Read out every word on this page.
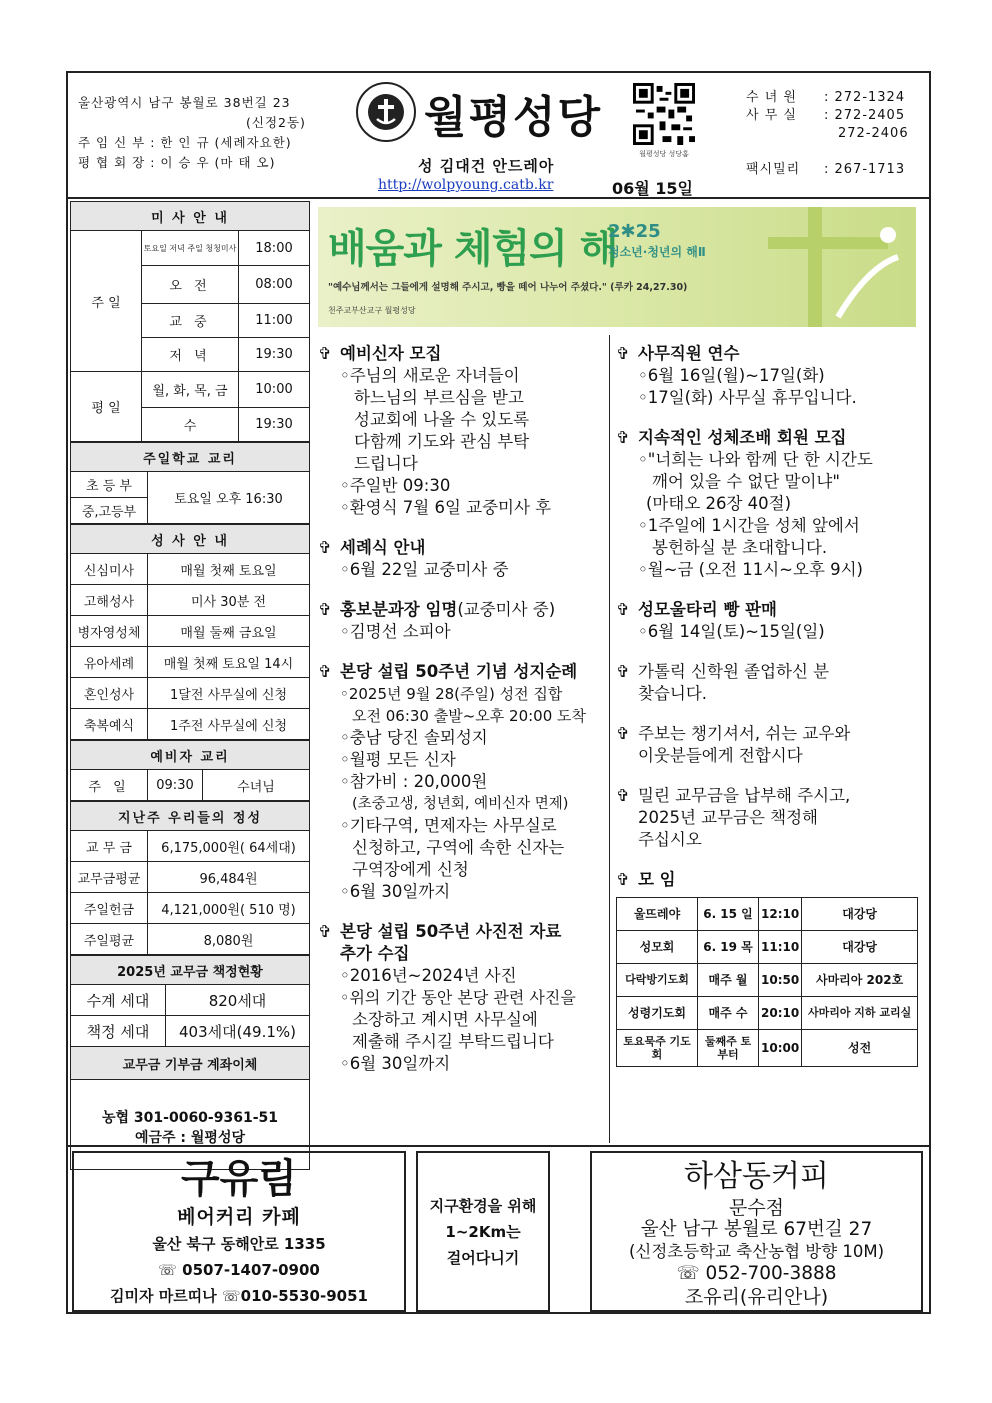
울산광역시 남구 봉월로 38번길 23
(신정2동)
주 임 신 부 : 한 인 규 (세례자요한)
평 협 회 장 : 이 승 우 (마 태 오)
월평성당
월평성당 성당홈
성 김대건 안드레아
http://wolpyoung.catb.kr	06월 15일
수 녀 원	: 272-1324
사 무 실	: 272-2405
272-2406
팩시밀리	: 267-1713
미 사 안 내		
주 일	토요일 저녁 주일 청청미사	18:00
	오 전	08:00
	교 중	11:00
	저 녁	19:30
평 일	월, 화, 목, 금	10:00
	수	19:30
주일학교 교리
초 등 부	토요일 오후 16:30
중,고등부
성 사 안 내	
신심미사	매월 첫째 토요일
고해성사	미사 30분 전
병자영성체	매월 둘째 금요일
유아세례	매월 첫째 토요일 14시
혼인성사	1달전 사무실에 신청
축복예식	1주전 사무실에 신청
예비자 교리
주 일	09:30	수녀님
지난주 우리들의 정성	
교 무 금	6,175,000원( 64세대)
교무금평균	96,484원
주일헌금	4,121,000원( 510 명)
주일평균	8,080원
2025년 교무금 책정현황	
수계 세대	820세대
책정 세대	403세대(49.1%)
교무금 기부금 계좌이체	
농협 301-0060-9361-51
예금주 : 월평성당
배움과 체험의 해
2✱25
청소년·청년의 해Ⅱ
"예수님께서는 그들에게 설명해 주시고, 빵을 떼어 나누어 주셨다." (루카 24,27.30)
천주교부산교구 월평성당
✞ 예비신자 모집
◦주님의 새로운 자녀들이
하느님의 부르심을 받고
성교회에 나올 수 있도록
다함께 기도와 관심 부탁
드립니다
◦주일반 09:30
◦환영식 7월 6일 교중미사 후
✞ 세례식 안내
◦6월 22일 교중미사 중
✞ 홍보분과장 임명(교중미사 중)
◦김명선 소피아
✞ 본당 설립 50주년 기념 성지순례
◦2025년 9월 28(주일) 성전 집합
오전 06:30 출발~오후 20:00 도착
◦충남 당진 솔뫼성지
◦월평 모든 신자
◦참가비 : 20,000원
(초중고생, 청년회, 예비신자 면제)
◦기타구역, 면제자는 사무실로
신청하고, 구역에 속한 신자는
구역장에게 신청
◦6월 30일까지
✞ 본당 설립 50주년 사진전 자료
추가 수집
◦2016년~2024년 사진
◦위의 기간 동안 본당 관련 사진을
소장하고 계시면 사무실에
제출해 주시길 부탁드립니다
◦6월 30일까지
✞ 사무직원 연수
◦6월 16일(월)~17일(화)
◦17일(화) 사무실 휴무입니다.
✞ 지속적인 성체조배 회원 모집
◦"너희는 나와 함께 단 한 시간도
깨어 있을 수 없단 말이냐"
(마태오 26장 40절)
◦1주일에 1시간을 성체 앞에서
봉헌하실 분 초대합니다.
◦월~금 (오전 11시~오후 9시)
✞ 성모울타리 빵 판매
◦6월 14일(토)~15일(일)
✞ 가톨릭 신학원 졸업하신 분
찾습니다.
✞ 주보는 챙기셔서, 쉬는 교우와
이웃분들에게 전합시다
✞ 밀린 교무금을 납부해 주시고,
2025년 교무금은 책정해
주십시오
✞ 모 임
울뜨레야	6. 15 일	12:10	대강당
성모회	6. 19 목	11:10	대강당
다락방기도회	매주 월	10:50	사마리아 202호
성령기도회	매주 수	20:10	사마리아 지하 교리실
토요묵주 기도회	둘째주 토부터	10:00	성전
구유림
베어커리 카페
울산 북구 동해안로 1335
☏ 0507-1407-0900
김미자 마르띠나 ☏010-5530-9051
지구환경을 위해
1~2Km는
걸어다니기
하삼동커피
문수점
울산 남구 봉월로 67번길 27
(신정초등학교 축산농협 방향 10M)
☏ 052-700-3888
조유리(유리안나)
